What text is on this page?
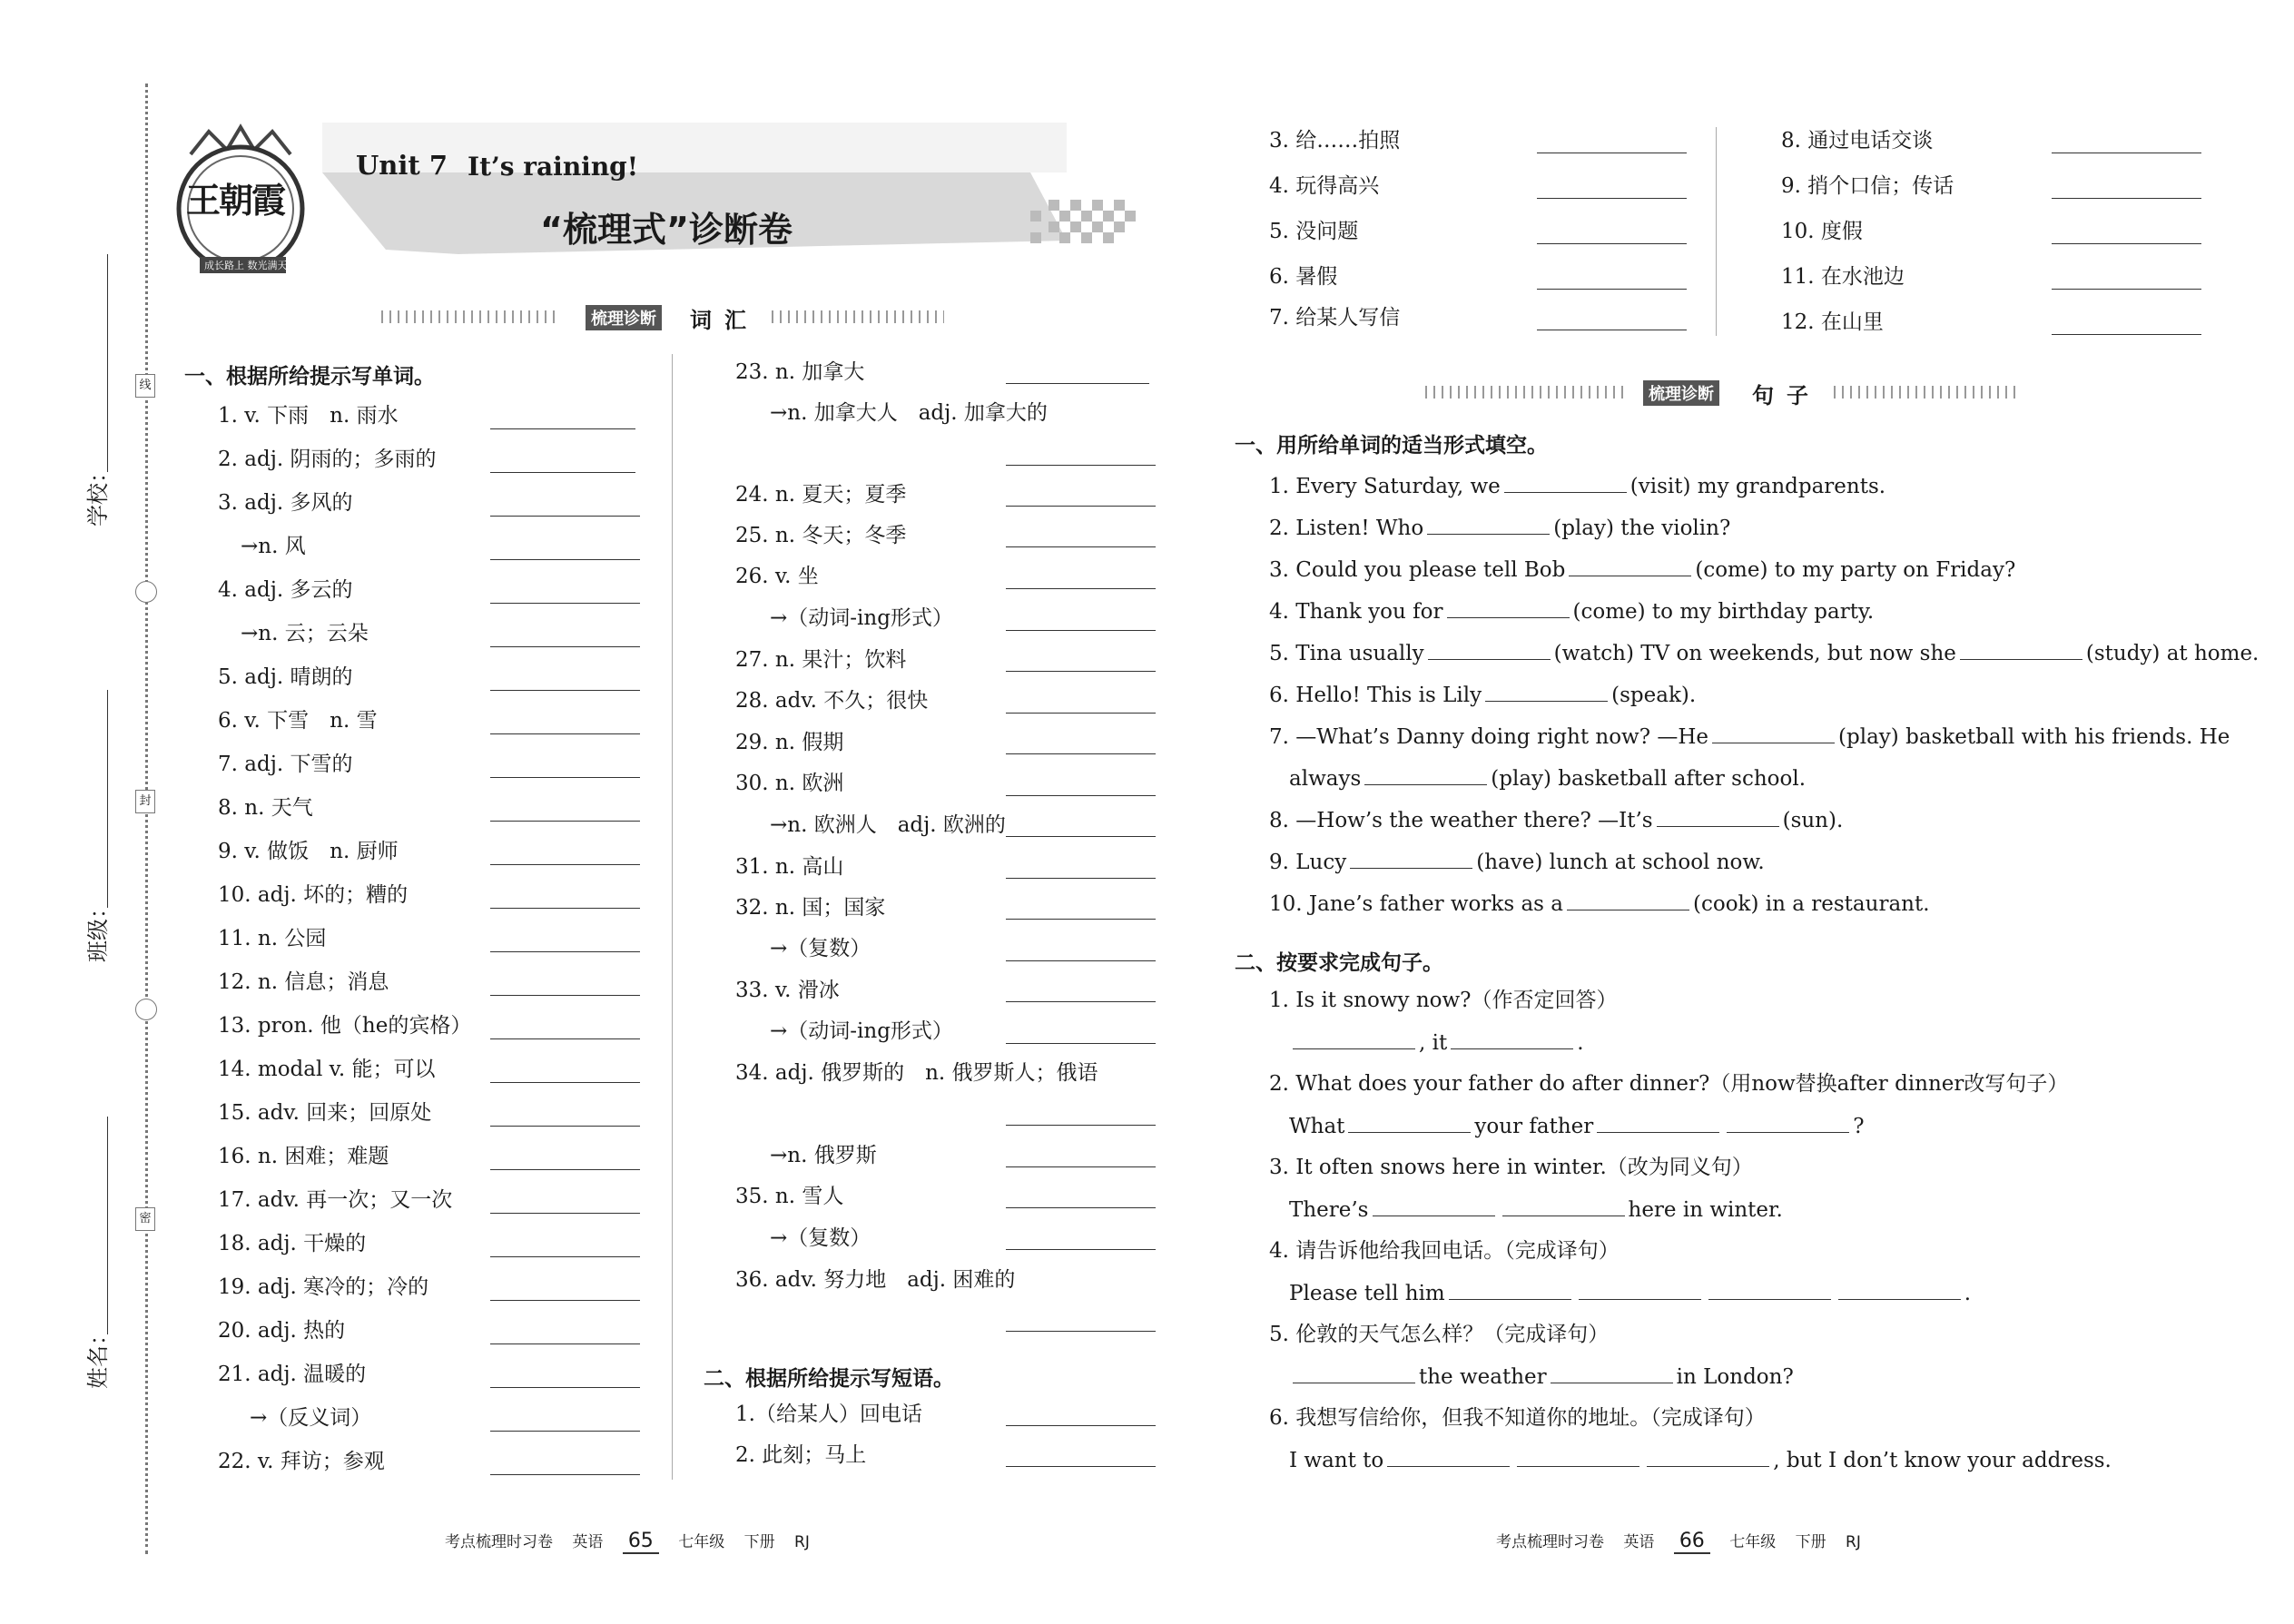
学校：
班级：
姓名：
线
封
密
王朝霞
成长路上 数光满天
Unit 7 It’s raining!
“梳理式”诊断卷
梳理诊断 词汇
一、根据所给提示写单词。
1. v. 下雨　n. 雨水
2. adj. 阴雨的；多雨的
3. adj. 多风的
→n. 风
4. adj. 多云的
→n. 云；云朵
5. adj. 晴朗的
6. v. 下雪　n. 雪
7. adj. 下雪的
8. n. 天气
9. v. 做饭　n. 厨师
10. adj. 坏的；糟的
11. n. 公园
12. n. 信息；消息
13. pron. 他（he的宾格）
14. modal v. 能；可以
15. adv. 回来；回原处
16. n. 困难；难题
17. adv. 再一次；又一次
18. adj. 干燥的
19. adj. 寒冷的；冷的
20. adj. 热的
21. adj. 温暖的
→（反义词）
22. v. 拜访；参观
23. n. 加拿大
→n. 加拿大人　adj. 加拿大的
24. n. 夏天；夏季
25. n. 冬天；冬季
26. v. 坐
→（动词-ing形式）
27. n. 果汁；饮料
28. adv. 不久；很快
29. n. 假期
30. n. 欧洲
→n. 欧洲人　adj. 欧洲的
31. n. 高山
32. n. 国；国家
→（复数）
33. v. 滑冰
→（动词-ing形式）
34. adj. 俄罗斯的　n. 俄罗斯人；俄语
→n. 俄罗斯
35. n. 雪人
→（复数）
36. adv. 努力地　adj. 困难的
二、根据所给提示写短语。
1.（给某人）回电话
2. 此刻；马上
考点梳理时习卷 英语 65 七年级 下册 RJ
3. 给……拍照
4. 玩得高兴
5. 没问题
6. 暑假
7. 给某人写信
8. 通过电话交谈
9. 捎个口信；传话
10. 度假
11. 在水池边
12. 在山里
梳理诊断 句子
一、用所给单词的适当形式填空。
1. Every Saturday, we	(visit) my grandparents.
2. Listen! Who	(play) the violin?
3. Could you please tell Bob	(come) to my party on Friday?
4. Thank you for	(come) to my birthday party.
5. Tina usually	(watch) TV on weekends, but now she	(study) at home.
6. Hello! This is Lily	(speak).
7. —What’s Danny doing right now? —He	(play) basketball with his friends. He
always	(play) basketball after school.
8. —How’s the weather there? —It’s	(sun).
9. Lucy	(have) lunch at school now.
10. Jane’s father works as a	(cook) in a restaurant.
二、按要求完成句子。
1. Is it snowy now?（作否定回答）
, it	.
2. What does your father do after dinner?（用now替换after dinner改写句子）
What	your father	?
3. It often snows here in winter.（改为同义句）
There’s	here in winter.
4. 请告诉他给我回电话。（完成译句）
Please tell him	.
5. 伦敦的天气怎么样？（完成译句）
the weather	in London?
6. 我想写信给你，但我不知道你的地址。（完成译句）
I want to	, but I don’t know your address.
考点梳理时习卷 英语 66 七年级 下册 RJ
